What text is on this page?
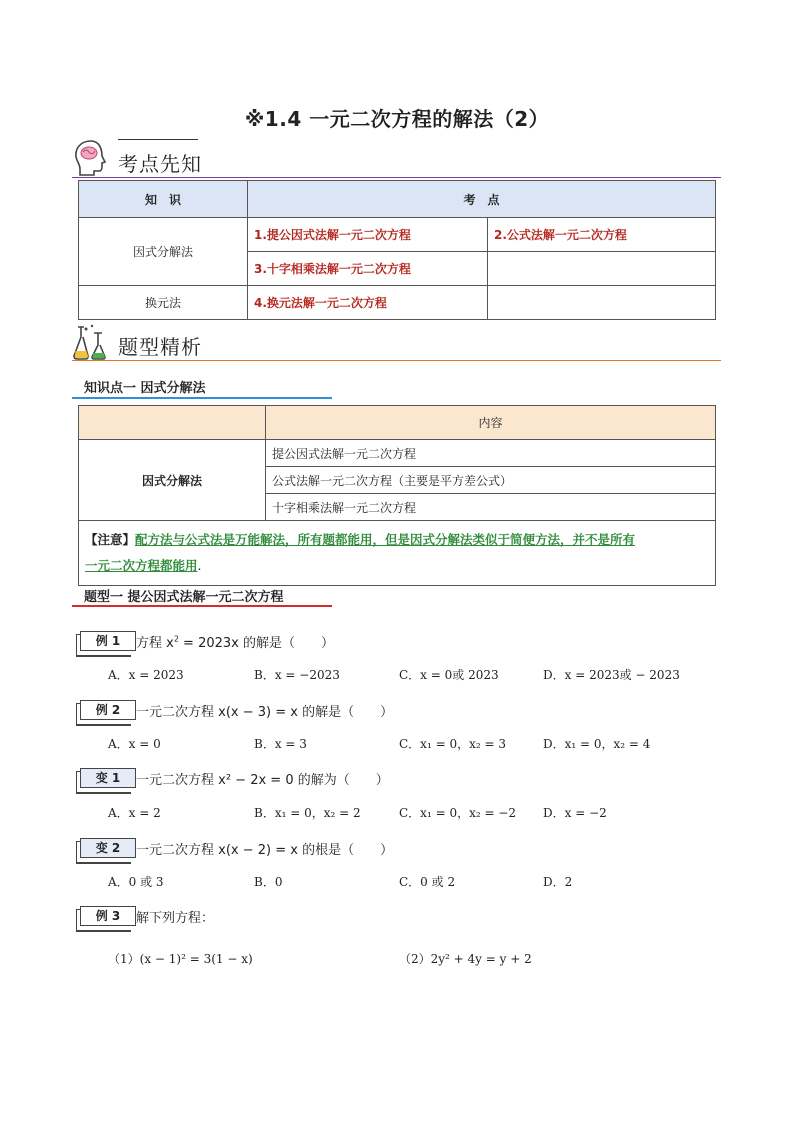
※1.4 一元二次方程的解法（2）
考点先知
知　识	考　点	
因式分解法	1.提公因式法解一元二次方程	2.公式法解一元二次方程
	3.十字相乘法解一元二次方程	
换元法	4.换元法解一元二次方程	
题型精析
知识点一 因式分解法
	内容
因式分解法	提公因式法解一元二次方程
	公式法解一元二次方程（主要是平方差公式）
	十字相乘法解一元二次方程
【注意】配方法与公式法是万能解法，所有题都能用，但是因式分解法类似于简便方法，并不是所有
一元二次方程都能用.	
题型一 提公因式法解一元二次方程
例 1	方程 $x^2 = 2023x$ 的解是（　　）
A．x = 2023	B．x = −2023	C．x = 0或 2023	D．x = 2023或 − 2023
例 2	一元二次方程 x(x − 3) = x 的解是（　　）
A．x = 0	B．x = 3	C．x₁ = 0，x₂ = 3	D．x₁ = 0，x₂ = 4
变 1	一元二次方程 x² − 2x = 0 的解为（　　）
A．x = 2	B．x₁ = 0，x₂ = 2	C．x₁ = 0，x₂ = −2 D．x = −2
变 2	一元二次方程 x(x − 2) = x 的根是（　　）
A．0 或 3	B．0	C．0 或 2	D．2
例 3	解下列方程：
（1）(x − 1)² = 3(1 − x)	（2）2y² + 4y = y + 2
